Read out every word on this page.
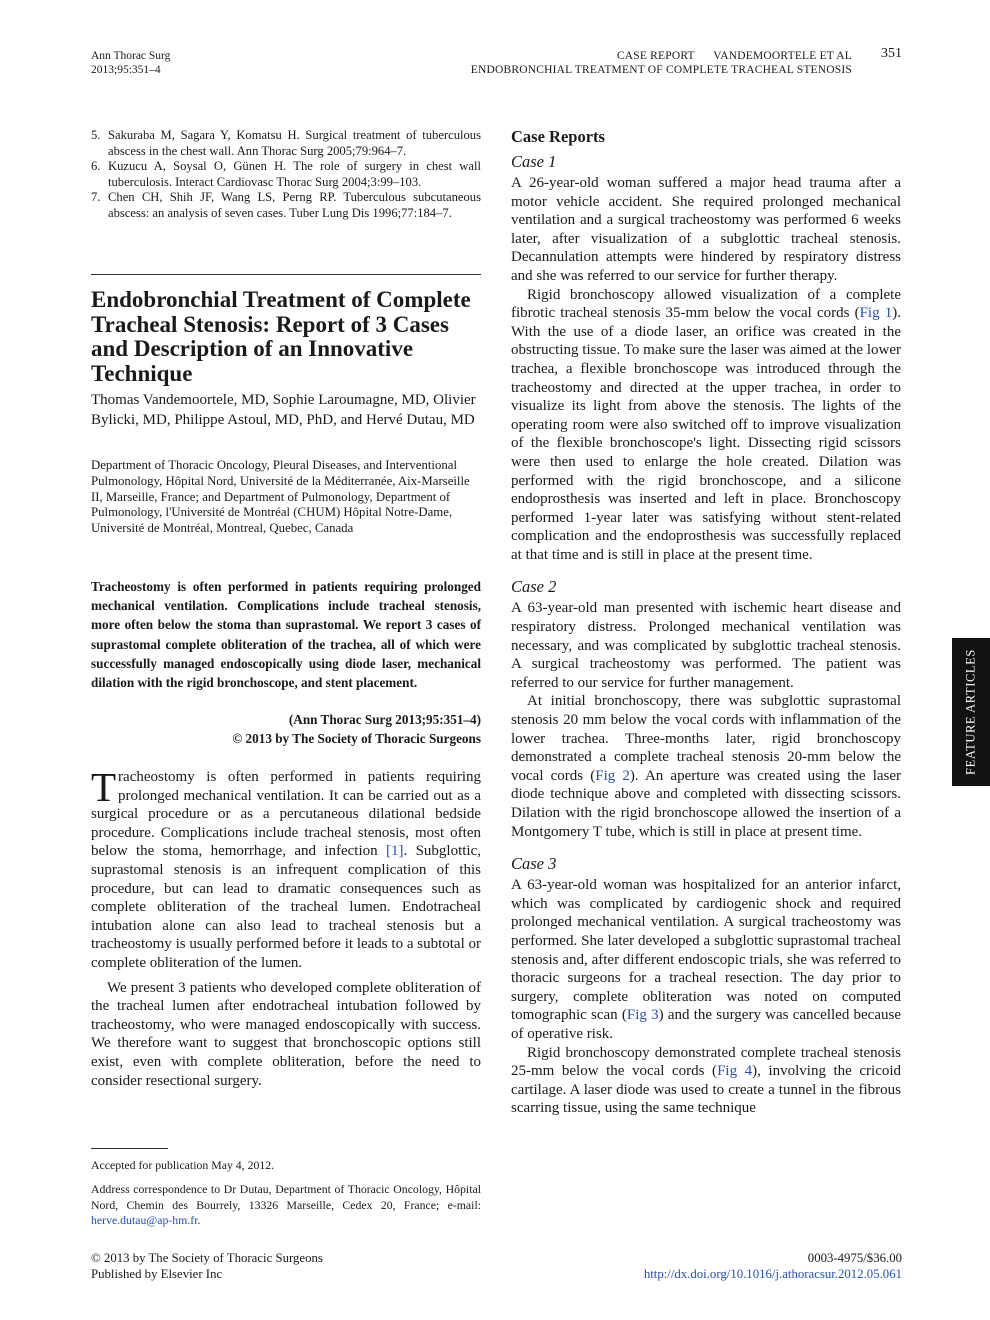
Ann Thorac Surg
2013;95:351–4
CASE REPORT VANDEMOORTELE ET AL
ENDOBRONCHIAL TREATMENT OF COMPLETE TRACHEAL STENOSIS
351
5. Sakuraba M, Sagara Y, Komatsu H. Surgical treatment of tuberculous abscess in the chest wall. Ann Thorac Surg 2005;79:964–7.
6. Kuzucu A, Soysal O, Günen H. The role of surgery in chest wall tuberculosis. Interact Cardiovasc Thorac Surg 2004;3:99–103.
7. Chen CH, Shih JF, Wang LS, Perng RP. Tuberculous subcutaneous abscess: an analysis of seven cases. Tuber Lung Dis 1996;77:184–7.
Endobronchial Treatment of Complete Tracheal Stenosis: Report of 3 Cases and Description of an Innovative Technique
Thomas Vandemoortele, MD, Sophie Laroumagne, MD, Olivier Bylicki, MD, Philippe Astoul, MD, PhD, and Hervé Dutau, MD
Department of Thoracic Oncology, Pleural Diseases, and Interventional Pulmonology, Hôpital Nord, Université de la Méditerranée, Aix-Marseille II, Marseille, France; and Department of Pulmonology, Department of Pulmonology, l'Université de Montréal (CHUM) Hôpital Notre-Dame, Université de Montréal, Montreal, Quebec, Canada
Tracheostomy is often performed in patients requiring prolonged mechanical ventilation. Complications include tracheal stenosis, more often below the stoma than suprastomal. We report 3 cases of suprastomal complete obliteration of the trachea, all of which were successfully managed endoscopically using diode laser, mechanical dilation with the rigid bronchoscope, and stent placement.
(Ann Thorac Surg 2013;95:351–4)
© 2013 by The Society of Thoracic Surgeons

Tracheostomy is often performed in patients requiring prolonged mechanical ventilation. It can be carried out as a surgical procedure or as a percutaneous dilational bedside procedure. Complications include tracheal stenosis, most often below the stoma, hemorrhage, and infection [1]. Subglottic, suprastomal stenosis is an infrequent complication of this procedure, but can lead to dramatic consequences such as complete obliteration of the tracheal lumen. Endotracheal intubation alone can also lead to tracheal stenosis but a tracheostomy is usually performed before it leads to a subtotal or complete obliteration of the lumen.

We present 3 patients who developed complete obliteration of the tracheal lumen after endotracheal intubation followed by tracheostomy, who were managed endoscopically with success. We therefore want to suggest that bronchoscopic options still exist, even with complete obliteration, before the need to consider resectional surgery.

Accepted for publication May 4, 2012.
Address correspondence to Dr Dutau, Department of Thoracic Oncology, Hôpital Nord, Chemin des Bourrely, 13326 Marseille, Cedex 20, France; e-mail: herve.dutau@ap-hm.fr.
Case Reports
Case 1

A 26-year-old woman suffered a major head trauma after a motor vehicle accident. She required prolonged mechanical ventilation and a surgical tracheostomy was performed 6 weeks later, after visualization of a subglottic tracheal stenosis. Decannulation attempts were hindered by respiratory distress and she was referred to our service for further therapy.

Rigid bronchoscopy allowed visualization of a complete fibrotic tracheal stenosis 35-mm below the vocal cords (Fig 1). With the use of a diode laser, an orifice was created in the obstructing tissue. To make sure the laser was aimed at the lower trachea, a flexible bronchoscope was introduced through the tracheostomy and directed at the upper trachea, in order to visualize its light from above the stenosis. The lights of the operating room were also switched off to improve visualization of the flexible bronchoscope's light. Dissecting rigid scissors were then used to enlarge the hole created. Dilation was performed with the rigid bronchoscope, and a silicone endoprosthesis was inserted and left in place. Bronchoscopy performed 1-year later was satisfying without stent-related complication and the endoprosthesis was successfully replaced at that time and is still in place at the present time.

Case 2

A 63-year-old man presented with ischemic heart disease and respiratory distress. Prolonged mechanical ventilation was necessary, and was complicated by subglottic tracheal stenosis. A surgical tracheostomy was performed. The patient was referred to our service for further management.

At initial bronchoscopy, there was subglottic suprastomal stenosis 20 mm below the vocal cords with inflammation of the lower trachea. Three-months later, rigid bronchoscopy demonstrated a complete tracheal stenosis 20-mm below the vocal cords (Fig 2). An aperture was created using the laser diode technique above and completed with dissecting scissors. Dilation with the rigid bronchoscope allowed the insertion of a Montgomery T tube, which is still in place at present time.

Case 3

A 63-year-old woman was hospitalized for an anterior infarct, which was complicated by cardiogenic shock and required prolonged mechanical ventilation. A surgical tracheostomy was performed. She later developed a subglottic suprastomal tracheal stenosis and, after different endoscopic trials, she was referred to thoracic surgeons for a tracheal resection. The day prior to surgery, complete obliteration was noted on computed tomographic scan (Fig 3) and the surgery was cancelled because of operative risk.

Rigid bronchoscopy demonstrated complete tracheal stenosis 25-mm below the vocal cords (Fig 4), involving the cricoid cartilage. A laser diode was used to create a tunnel in the fibrous scarring tissue, using the same technique

© 2013 by The Society of Thoracic Surgeons
Published by Elsevier Inc
0003-4975/$36.00
http://dx.doi.org/10.1016/j.athoracsur.2012.05.061
FEATURE ARTICLES
